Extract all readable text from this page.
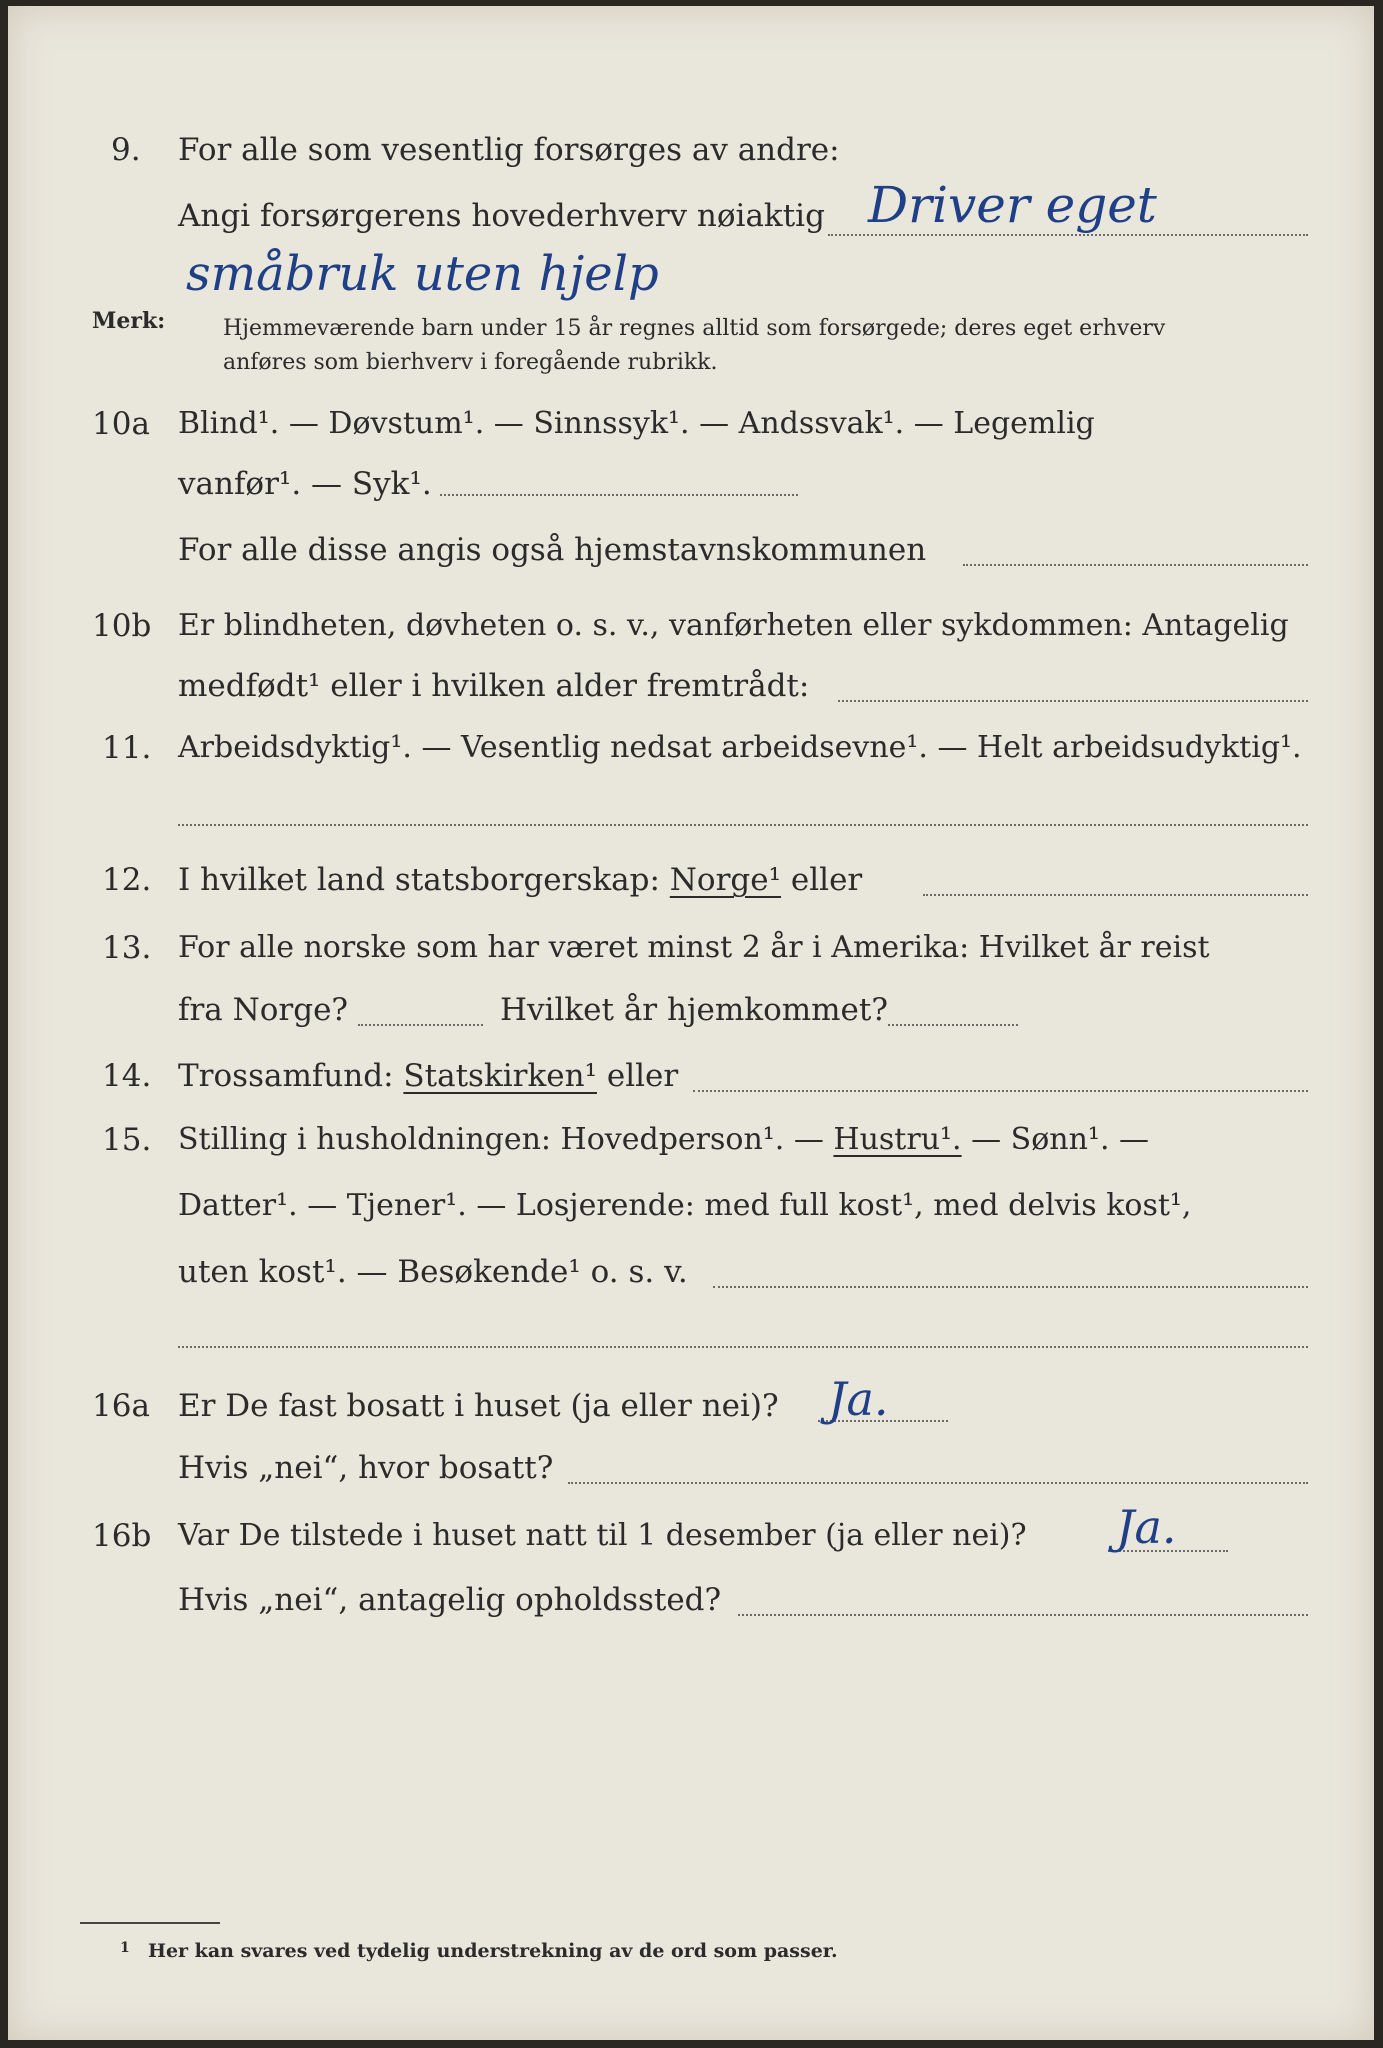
9. For alle som vesentlig forsørges av andre:
Angi forsørgerens hovederhverv nøiaktig Driver eget
småbruk uten hjelp
Merk:	Hjemmeværende barn under 15 år regnes alltid som forsørgede; deres eget erhverv
anføres som bierhverv i foregående rubrikk.
10a Blind¹. — Døvstum¹. — Sinnssyk¹. — Andssvak¹. — Legemlig
vanfør¹. — Syk¹.
For alle disse angis også hjemstavnskommunen
10b Er blindheten, døvheten o. s. v., vanførheten eller sykdommen: Antagelig
medfødt¹ eller i hvilken alder fremtrådt:
11. Arbeidsdyktig¹. — Vesentlig nedsat arbeidsevne¹. — Helt arbeidsudyktig¹.
12. I hvilket land statsborgerskap: Norge¹ eller
13. For alle norske som har været minst 2 år i Amerika: Hvilket år reist
fra Norge?	Hvilket år hjemkommet?
14. Trossamfund: Statskirken¹ eller
15. Stilling i husholdningen: Hovedperson¹. — Hustru¹. — Sønn¹. —
Datter¹. — Tjener¹. — Losjerende: med full kost¹, med delvis kost¹,
uten kost¹. — Besøkende¹ o. s. v.
16a Er De fast bosatt i huset (ja eller nei)? Ja.
Hvis „nei“, hvor bosatt?
16b Var De tilstede i huset natt til 1 desember (ja eller nei)? Ja.
Hvis „nei“, antagelig opholdssted?
1 Her kan svares ved tydelig understrekning av de ord som passer.
